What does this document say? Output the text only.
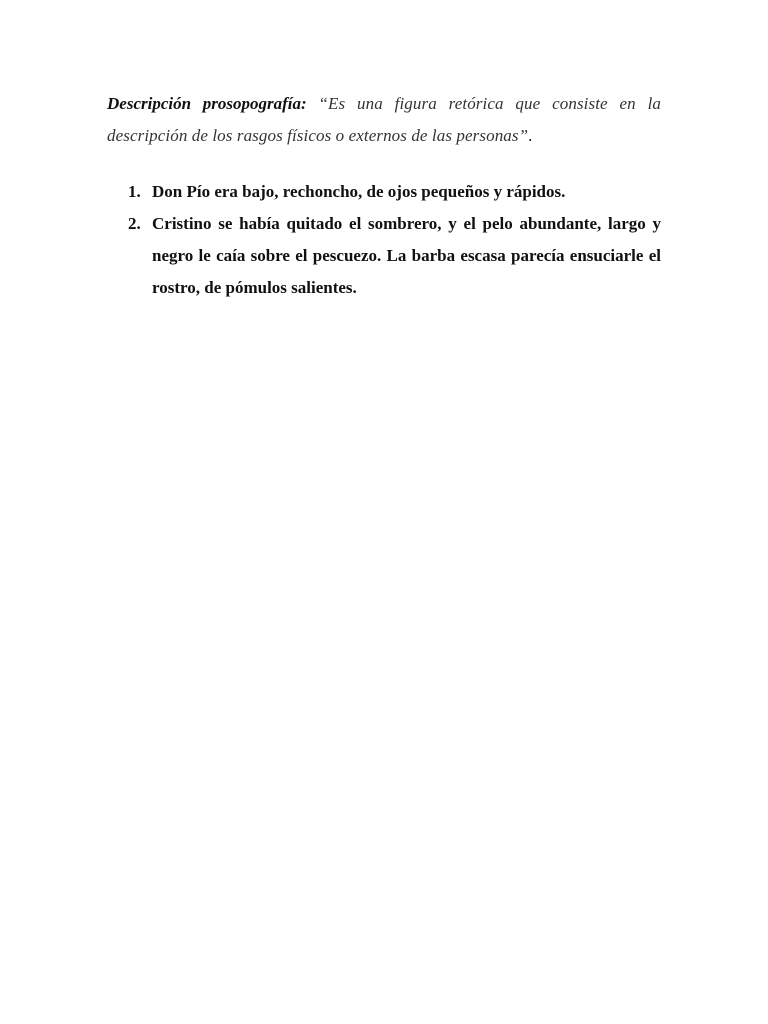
Descripción prosopografía: “Es una figura retórica que consiste en la descripción de los rasgos físicos o externos de las personas”.

1. Don Pío era bajo, rechoncho, de ojos pequeños y rápidos.
2. Cristino se había quitado el sombrero, y el pelo abundante, largo y negro le caía sobre el pescuezo. La barba escasa parecía ensuciarle el rostro, de pómulos salientes.
